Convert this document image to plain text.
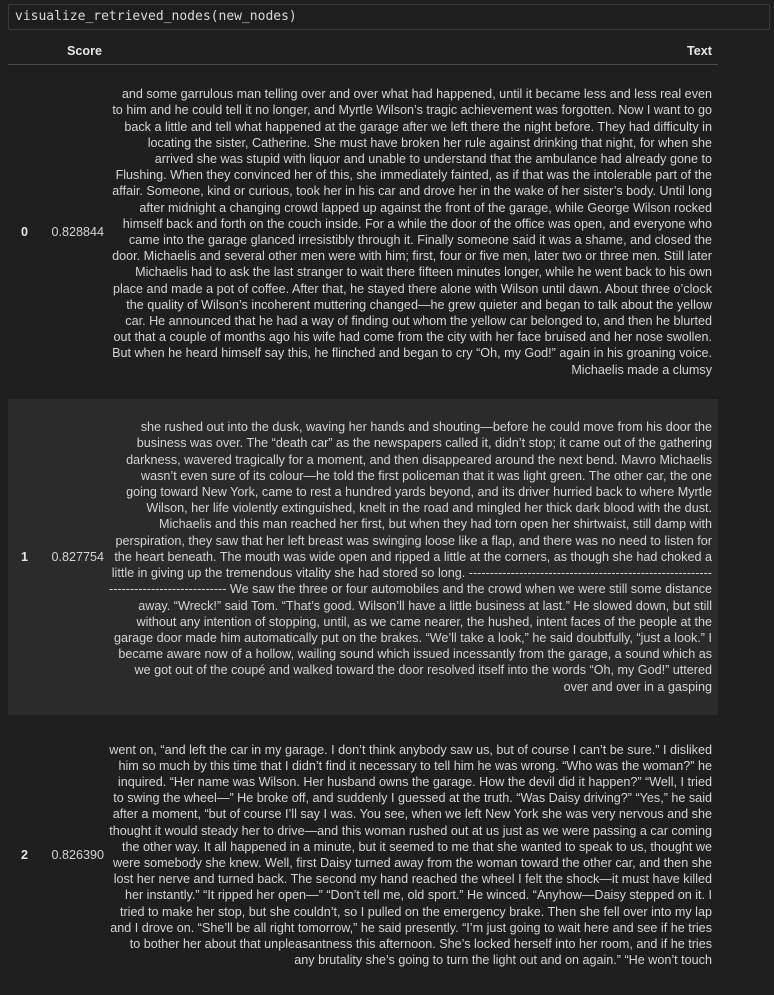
visualize_retrieved_nodes(new_nodes)
	Score	Text
0	0.828844	and some garrulous man telling over and over what had happened, until it became less and less real even to him and he could tell it no longer, and Myrtle Wilson’s tragic achievement was forgotten. Now I want to go back a little and tell what happened at the garage after we left there the night before. They had difficulty in locating the sister, Catherine. She must have broken her rule against drinking that night, for when she arrived she was stupid with liquor and unable to understand that the ambulance had already gone to Flushing. When they convinced her of this, she immediately fainted, as if that was the intolerable part of the affair. Someone, kind or curious, took her in his car and drove her in the wake of her sister’s body. Until long after midnight a changing crowd lapped up against the front of the garage, while George Wilson rocked himself back and forth on the couch inside. For a while the door of the office was open, and everyone who came into the garage glanced irresistibly through it. Finally someone said it was a shame, and closed the door. Michaelis and several other men were with him; first, four or five men, later two or three men. Still later Michaelis had to ask the last stranger to wait there fifteen minutes longer, while he went back to his own place and made a pot of coffee. After that, he stayed there alone with Wilson until dawn. About three o’clock the quality of Wilson’s incoherent muttering changed—he grew quieter and began to talk about the yellow car. He announced that he had a way of finding out whom the yellow car belonged to, and then he blurted out that a couple of months ago his wife had come from the city with her face bruised and her nose swollen. But when he heard himself say this, he flinched and began to cry “Oh, my God!” again in his groaning voice. Michaelis made a clumsy
1	0.827754	she rushed out into the dusk, waving her hands and shouting—before he could move from his door the business was over. The “death car” as the newspapers called it, didn’t stop; it came out of the gathering darkness, wavered tragically for a moment, and then disappeared around the next bend. Mavro Michaelis wasn’t even sure of its colour—he told the first policeman that it was light green. The other car, the one going toward New York, came to rest a hundred yards beyond, and its driver hurried back to where Myrtle Wilson, her life violently extinguished, knelt in the road and mingled her thick dark blood with the dust. Michaelis and this man reached her first, but when they had torn open her shirtwaist, still damp with perspiration, they saw that her left breast was swinging loose like a flap, and there was no need to listen for the heart beneath. The mouth was wide open and ripped a little at the corners, as though she had choked a little in giving up the tremendous vitality she had stored so long. -------------------------------------------------------------------------------------- We saw the three or four automobiles and the crowd when we were still some distance away. “Wreck!” said Tom. “That’s good. Wilson’ll have a little business at last.” He slowed down, but still without any intention of stopping, until, as we came nearer, the hushed, intent faces of the people at the garage door made him automatically put on the brakes. “We’ll take a look,” he said doubtfully, “just a look.” I became aware now of a hollow, wailing sound which issued incessantly from the garage, a sound which as we got out of the coupé and walked toward the door resolved itself into the words “Oh, my God!” uttered over and over in a gasping
2	0.826390	went on, “and left the car in my garage. I don’t think anybody saw us, but of course I can’t be sure.” I disliked him so much by this time that I didn’t find it necessary to tell him he was wrong. “Who was the woman?” he inquired. “Her name was Wilson. Her husband owns the garage. How the devil did it happen?” “Well, I tried to swing the wheel—” He broke off, and suddenly I guessed at the truth. “Was Daisy driving?” “Yes,” he said after a moment, “but of course I’ll say I was. You see, when we left New York she was very nervous and she thought it would steady her to drive—and this woman rushed out at us just as we were passing a car coming the other way. It all happened in a minute, but it seemed to me that she wanted to speak to us, thought we were somebody she knew. Well, first Daisy turned away from the woman toward the other car, and then she lost her nerve and turned back. The second my hand reached the wheel I felt the shock—it must have killed her instantly.” “It ripped her open—” “Don’t tell me, old sport.” He winced. “Anyhow—Daisy stepped on it. I tried to make her stop, but she couldn’t, so I pulled on the emergency brake. Then she fell over into my lap and I drove on. “She’ll be all right tomorrow,” he said presently. “I’m just going to wait here and see if he tries to bother her about that unpleasantness this afternoon. She’s locked herself into her room, and if he tries any brutality she’s going to turn the light out and on again.” “He won’t touch
